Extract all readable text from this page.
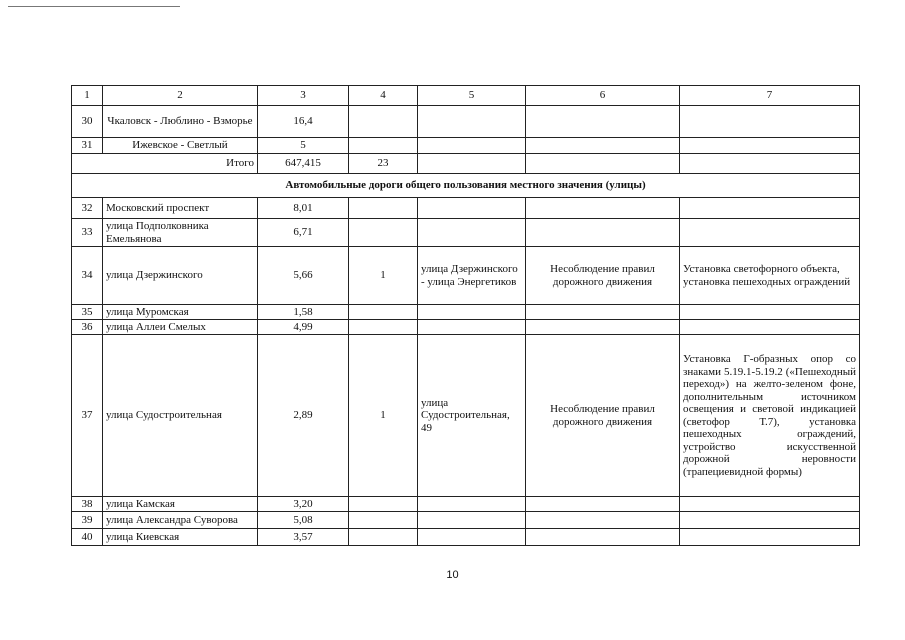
1	2	3	4	5	6	7
30	Чкаловск - Люблино - Взморье	16,4				
31	Ижевское - Светлый	5				
Итого		647,415	23			
Автомобильные дороги общего пользования местного значения (улицы)						
32	Московский проспект	8,01				
33	улица Подполковника Емельянова	6,71				
34	улица Дзержинского	5,66	1	улица Дзержинского - улица Энергетиков	Несоблюдение правил дорожного движения	Установка светофорного объекта, установка пешеходных ограждений
35	улица Муромская	1,58				
36	улица Аллеи Смелых	4,99				
37	улица Судостроительная	2,89	1	улица Судостроительная, 49	Несоблюдение правил дорожного движения	Установка Г-образных опор со знаками 5.19.1-5.19.2 («Пешеходный переход») на желто-зеленом фоне, дополнительным источником освещения и световой индикацией (светофор Т.7), установка пешеходных ограждений, устройство искусственной дорожной неровности (трапециевидной формы)
38	улица Камская	3,20				
39	улица Александра Суворова	5,08				
40	улица Киевская	3,57				
10
